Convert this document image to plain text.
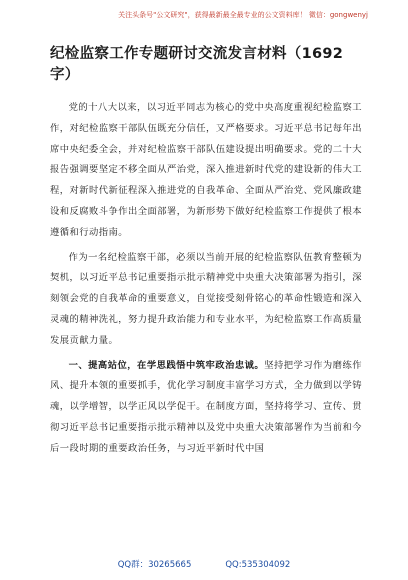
关注头条号"公文研究"，获得最新最全最专业的公文资料库！ 微信：gongwenyj
纪检监察工作专题研讨交流发言材料（1692字）

党的十八大以来，以习近平同志为核心的党中央高度重视纪检监察工作，对纪检监察干部队伍既充分信任，又严格要求。习近平总书记每年出席中央纪委全会，并对纪检监察干部队伍建设提出明确要求。党的二十大报告强调要坚定不移全面从严治党，深入推进新时代党的建设新的伟大工程，对新时代新征程深入推进党的自我革命、全面从严治党、党风廉政建设和反腐败斗争作出全面部署，为新形势下做好纪检监察工作提供了根本遵循和行动指南。

作为一名纪检监察干部，必须以当前开展的纪检监察队伍教育整顿为契机，以习近平总书记重要指示批示精神党中央重大决策部署为指引，深刻领会党的自我革命的重要意义，自觉接受刻骨铭心的革命性锻造和深入灵魂的精神洗礼，努力提升政治能力和专业水平，为纪检监察工作高质量发展贡献力量。

一、提高站位，在学思践悟中筑牢政治忠诚。坚持把学习作为磨练作风、提升本领的重要抓手，优化学习制度丰富学习方式，全力做到以学铸魂，以学增智，以学正风以学促干。在制度方面，坚持将学习、宣传、贯彻习近平总书记重要指示批示精神以及党中央重大决策部署作为当前和今后一段时期的重要政治任务，与习近平新时代中国

QQ群：30265665	QQ:535304092
